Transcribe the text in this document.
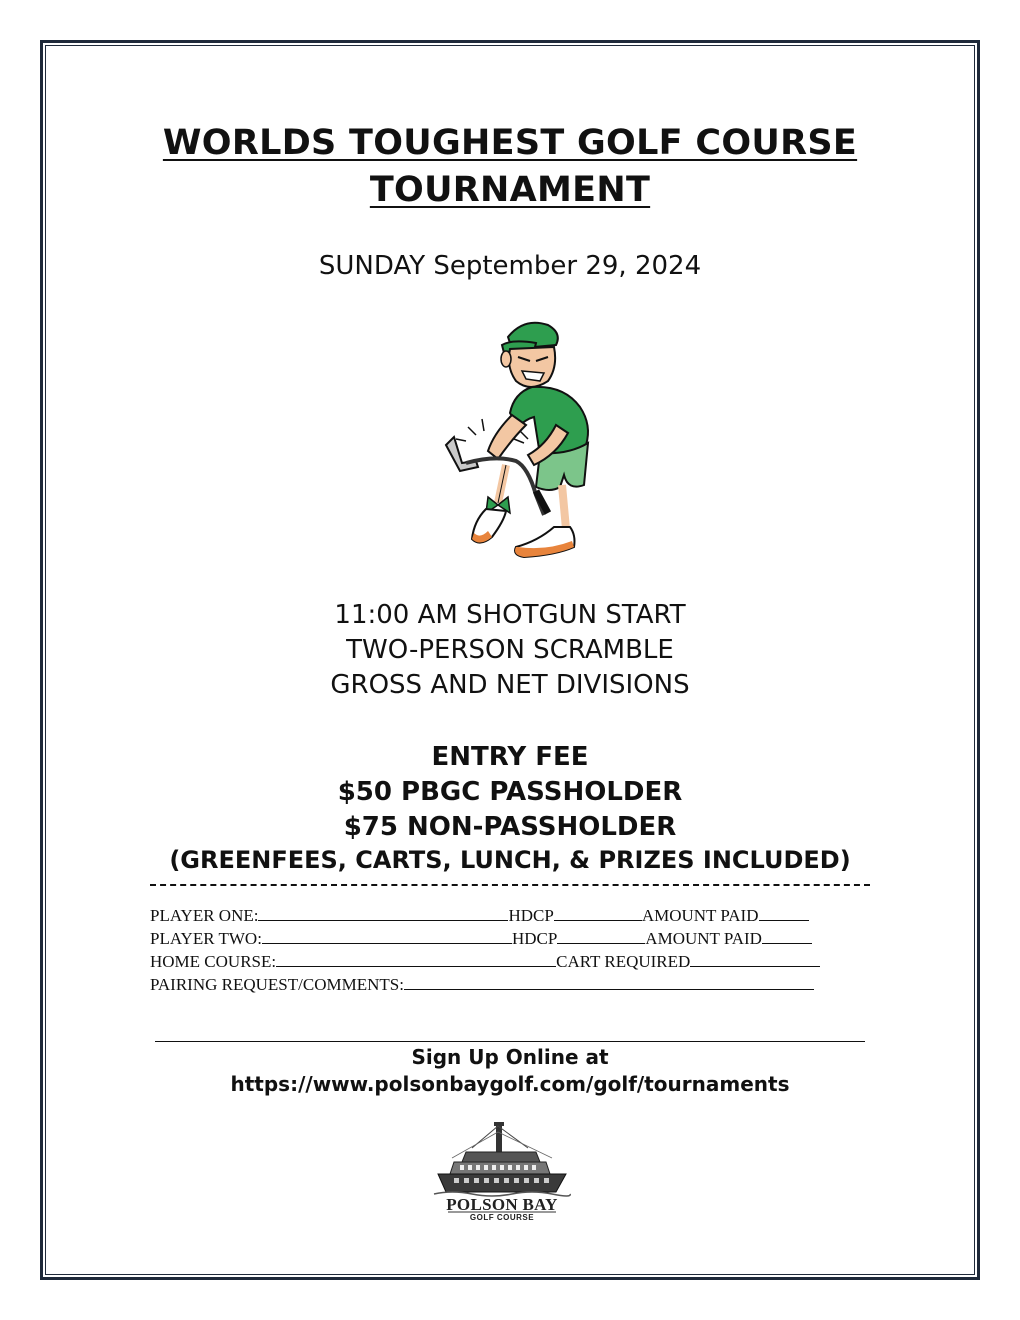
WORLDS TOUGHEST GOLF COURSE
TOURNAMENT
SUNDAY September 29, 2024
11:00 AM SHOTGUN START
TWO-PERSON SCRAMBLE
GROSS AND NET DIVISIONS
ENTRY FEE
$50 PBGC PASSHOLDER
$75 NON-PASSHOLDER
(GREENFEES, CARTS, LUNCH, & PRIZES INCLUDED)
PLAYER ONE:	HDCP	AMOUNT PAID
PLAYER TWO:	HDCP	AMOUNT PAID
HOME COURSE:	CART REQUIRED
PAIRING REQUEST/COMMENTS:
Sign Up Online at
https://www.polsonbaygolf.com/golf/tournaments
POLSON BAY
GOLF COURSE
